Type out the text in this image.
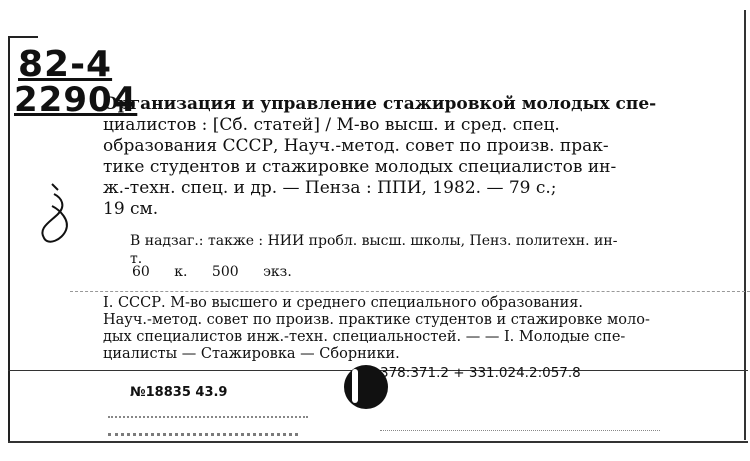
82-4
22904
Организация и управление стажировкой молодых спе-
циалистов : [Сб. статей] / М-во высш. и сред. спец.
образования СССР, Науч.-метод. совет по произв. прак-
тике студентов и стажировке молодых специалистов ин-
ж.-техн. спец. и др. — Пенза : ППИ, 1982. — 79 с.;
19 см.
В надзаг.: также : НИИ пробл. высш. школы, Пенз. политехн. ин-
т.
60 к. 500 экз.
I. СССР. М-во высшего и среднего специального образования.
Науч.-метод. совет по произв. практике студентов и стажировке моло-
дых специалистов инж.-техн. специальностей. — — I. Молодые спе-
циалисты — Стажировка — Сборники.
378:371.2 + 331.024.2:057.8
№18835 43.9
